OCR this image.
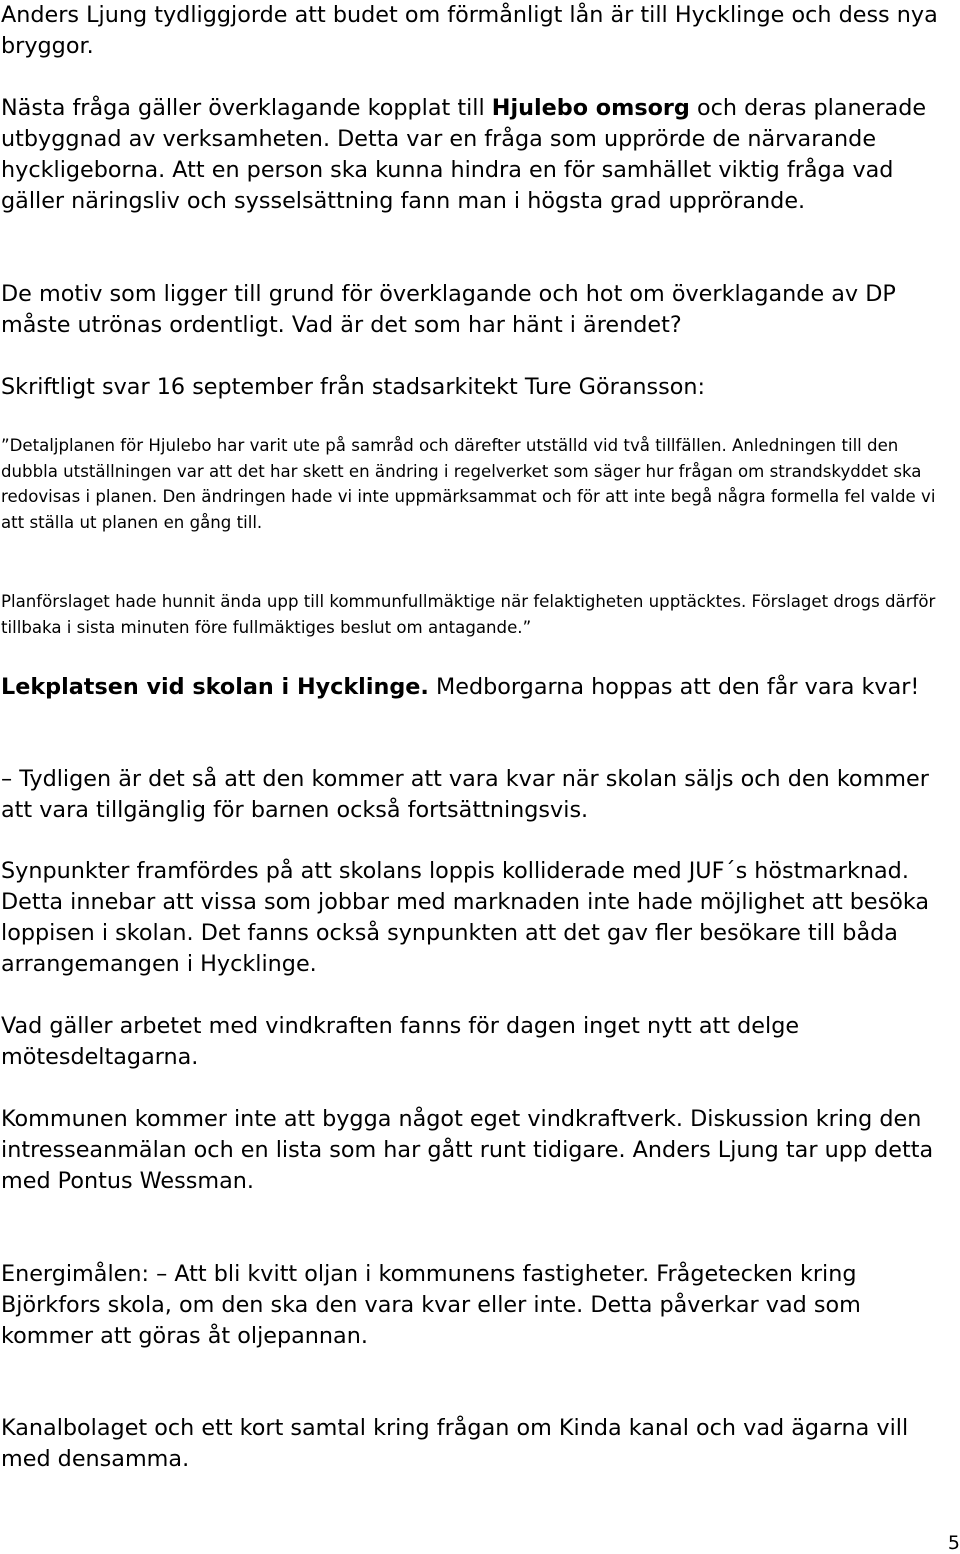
Anders Ljung tydliggjorde att budet om förmånligt lån är till Hycklinge och dess nya bryggor.

Nästa fråga gäller överklagande kopplat till Hjulebo omsorg och deras planerade utbyggnad av verksamheten. Detta var en fråga som upprörde de närvarande hyckligeborna. Att en person ska kunna hindra en för samhället viktig fråga vad gäller näringsliv och sysselsättning fann man i högsta grad upprörande.

De motiv som ligger till grund för överklagande och hot om överklagande av DP måste utrönas ordentligt. Vad är det som har hänt i ärendet?

Skriftligt svar 16 september från stadsarkitekt Ture Göransson:

”Detaljplanen för Hjulebo har varit ute på samråd och därefter utställd vid två tillfällen. Anledningen till den dubbla utställningen var att det har skett en ändring i regelverket som säger hur frågan om strandskyddet ska redovisas i planen. Den ändringen hade vi inte uppmärksammat och för att inte begå några formella fel valde vi att ställa ut planen en gång till.

Planförslaget hade hunnit ända upp till kommunfullmäktige när felaktigheten upptäcktes. Förslaget drogs därför tillbaka i sista minuten före fullmäktiges beslut om antagande.”

Lekplatsen vid skolan i Hycklinge. Medborgarna hoppas att den får vara kvar!

– Tydligen är det så att den kommer att vara kvar när skolan säljs och den kommer att vara tillgänglig för barnen också fortsättningsvis.

Synpunkter framfördes på att skolans loppis kolliderade med JUF´s höstmarknad. Detta innebar att vissa som jobbar med marknaden inte hade möjlighet att besöka loppisen i skolan. Det fanns också synpunkten att det gav fler besökare till båda arrangemangen i Hycklinge.

Vad gäller arbetet med vindkraften fanns för dagen inget nytt att delge mötesdeltagarna.

Kommunen kommer inte att bygga något eget vindkraftverk. Diskussion kring den intresseanmälan och en lista som har gått runt tidigare. Anders Ljung tar upp detta med Pontus Wessman.

Energimålen: – Att bli kvitt oljan i kommunens fastigheter. Frågetecken kring Björkfors skola, om den ska den vara kvar eller inte. Detta påverkar vad som kommer att göras åt oljepannan.

Kanalbolaget och ett kort samtal kring frågan om Kinda kanal och vad ägarna vill med densamma.

5
